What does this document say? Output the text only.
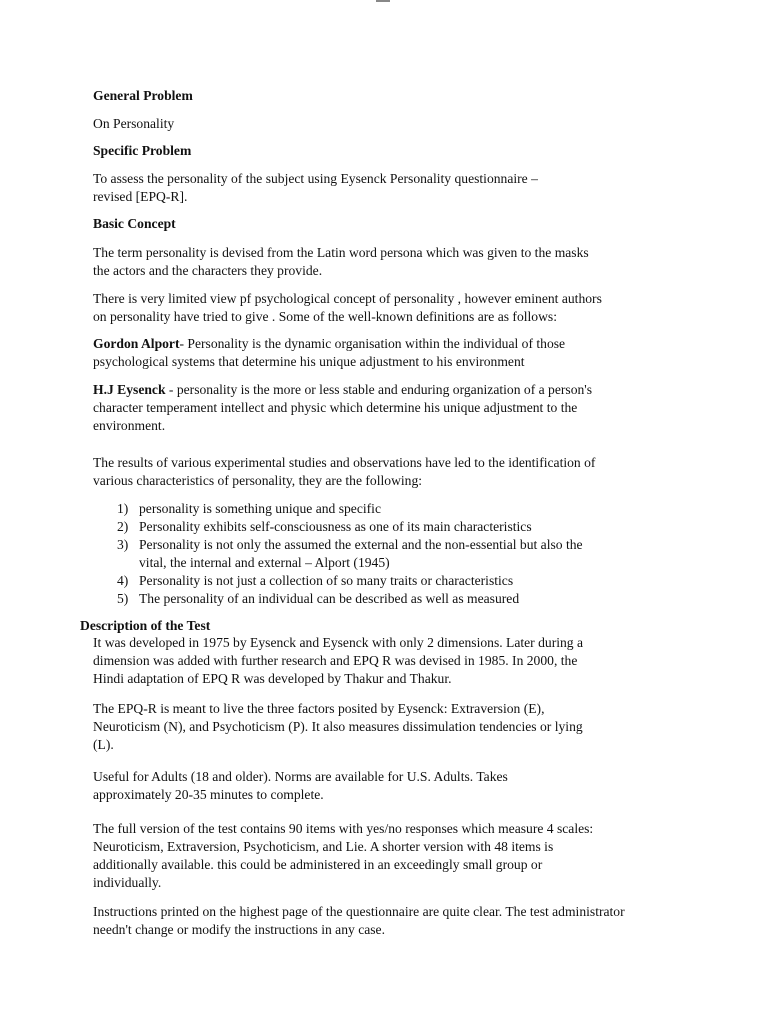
General Problem

On Personality

Specific Problem

To assess the personality of the subject using Eysenck Personality questionnaire –
revised [EPQ-R].

Basic Concept

The term personality is devised from the Latin word persona which was given to the masks
the actors and the characters they provide.
There is very limited view pf psychological concept of personality , however eminent authors
on personality have tried to give . Some of the well-known definitions are as follows:
Gordon Alport- Personality is the dynamic organisation within the individual of those
psychological systems that determine his unique adjustment to his environment
H.J Eysenck - personality is the more or less stable and enduring organization of a person's
character temperament intellect and physic which determine his unique adjustment to the
environment.
The results of various experimental studies and observations have led to the identification of
various characteristics of personality, they are the following:
1) personality is something unique and specific
2) Personality exhibits self-consciousness as one of its main characteristics
3) Personality is not only the assumed the external and the non-essential but also the
vital, the internal and external – Alport (1945)
4) Personality is not just a collection of so many traits or characteristics
5) The personality of an individual can be described as well as measured

Description of the Test

It was developed in 1975 by Eysenck and Eysenck with only 2 dimensions. Later during a
dimension was added with further research and EPQ R was devised in 1985. In 2000, the
Hindi adaptation of EPQ R was developed by Thakur and Thakur.
The EPQ-R is meant to live the three factors posited by Eysenck: Extraversion (E),
Neuroticism (N), and Psychoticism (P). It also measures dissimulation tendencies or lying
(L).
Useful for Adults (18 and older). Norms are available for U.S. Adults. Takes
approximately 20-35 minutes to complete.
The full version of the test contains 90 items with yes/no responses which measure 4 scales:
Neuroticism, Extraversion, Psychoticism, and Lie. A shorter version with 48 items is
additionally available. this could be administered in an exceedingly small group or
individually.
Instructions printed on the highest page of the questionnaire are quite clear. The test administrator
needn't change or modify the instructions in any case.
